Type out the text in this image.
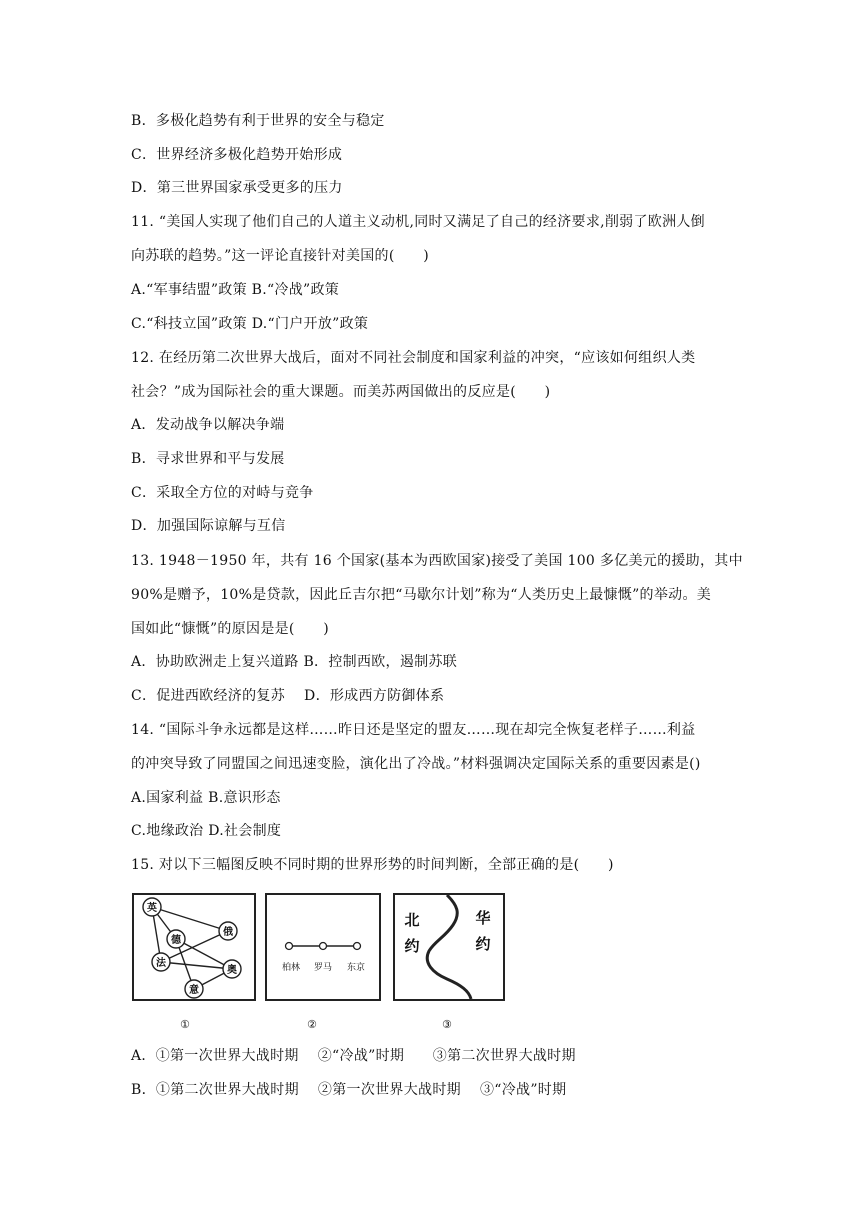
B．多极化趋势有利于世界的安全与稳定
C．世界经济多极化趋势开始形成
D．第三世界国家承受更多的压力
11. “美国人实现了他们自己的人道主义动机,同时又满足了自己的经济要求,削弱了欧洲人倒
向苏联的趋势。”这一评论直接针对美国的(　　)
A.“军事结盟”政策 B.“冷战”政策
C.“科技立国”政策 D.“门户开放”政策
12. 在经历第二次世界大战后，面对不同社会制度和国家利益的冲突，“应该如何组织人类
社会？”成为国际社会的重大课题。而美苏两国做出的反应是(　　)
A．发动战争以解决争端
B．寻求世界和平与发展
C．采取全方位的对峙与竞争
D．加强国际谅解与互信
13. 1948－1950 年，共有 16 个国家(基本为西欧国家)接受了美国 100 多亿美元的援助，其中
90%是赠予，10%是贷款，因此丘吉尔把“马歇尔计划”称为“人类历史上最慷慨”的举动。美
国如此“慷慨”的原因是是(　　)
A．协助欧洲走上复兴道路 B．控制西欧，遏制苏联
C．促进西欧经济的复苏　 D．形成西方防御体系
14. “国际斗争永远都是这样……昨日还是坚定的盟友……现在却完全恢复老样子……利益
的冲突导致了同盟国之间迅速变脸，演化出了冷战。”材料强调决定国际关系的重要因素是()
A.国家利益 B.意识形态
C.地缘政治 D.社会制度
15. 对以下三幅图反映不同时期的世界形势的时间判断，全部正确的是(　　)
A．①第一次世界大战时期　 ②“冷战”时期　　③第二次世界大战时期
B．①第二次世界大战时期　 ②第一次世界大战时期　 ③“冷战”时期
英
俄
德
法
奥
意
柏林 罗马 东京
北
约
华
约
①	②	③
